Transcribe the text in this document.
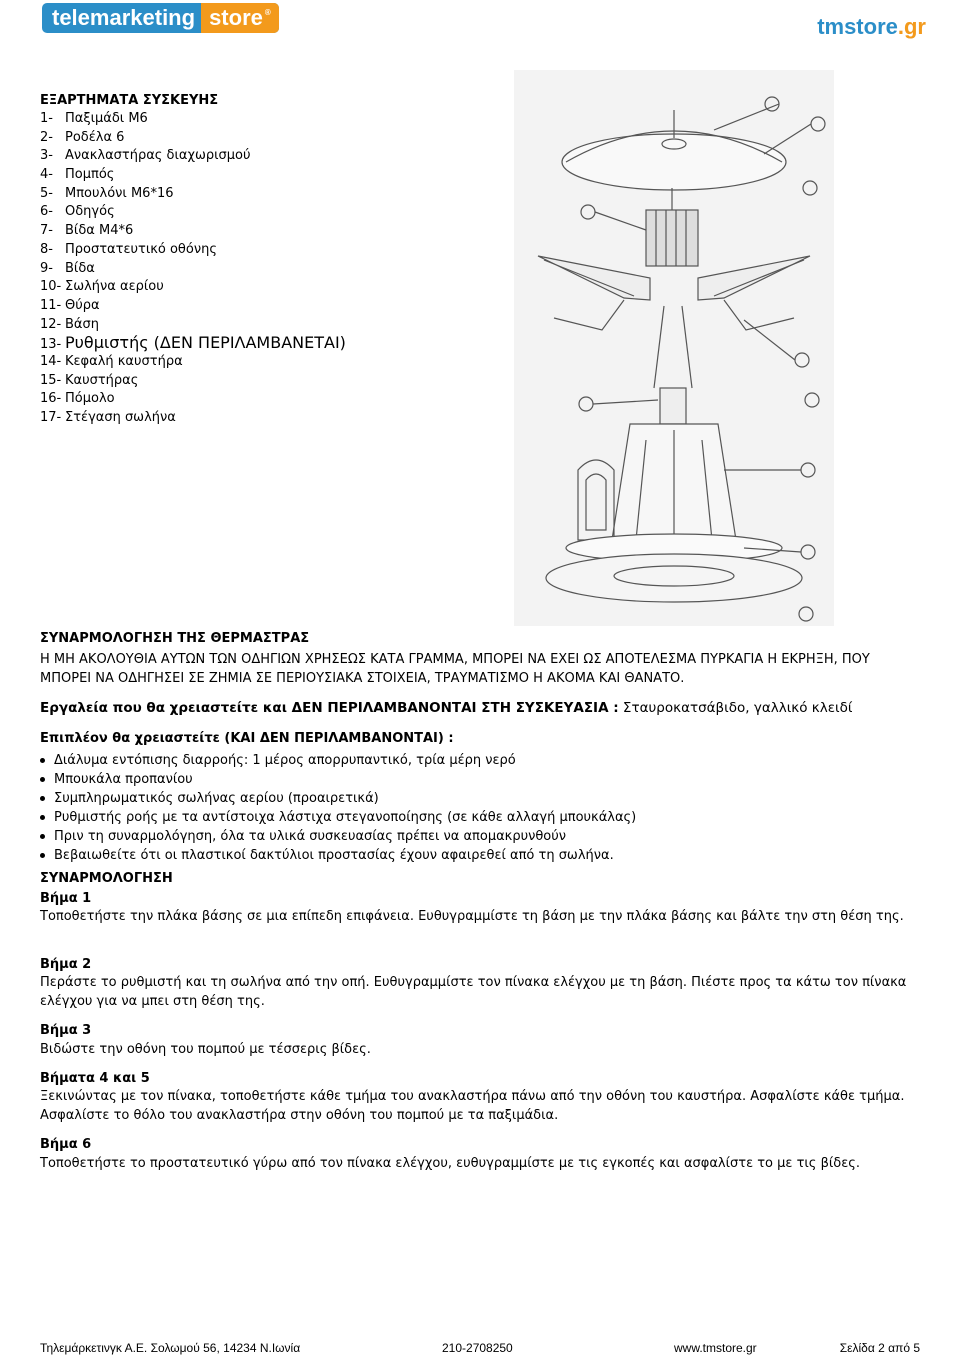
telemarketing store ®
tmstore.gr
ΕΞΑΡΤΗΜΑΤΑ ΣΥΣΚΕΥΗΣ
1- Παξιμάδι Μ6
2- Ροδέλα 6
3- Ανακλαστήρας διαχωρισμού
4- Πομπός
5- Μπουλόνι Μ6*16
6- Οδηγός
7- Βίδα Μ4*6
8- Προστατευτικό οθόνης
9- Βίδα
10- Σωλήνα αερίου
11- Θύρα
12- Βάση
13- Ρυθμιστής (ΔΕΝ ΠΕΡΙΛΑΜΒΑΝΕΤΑΙ)
14- Κεφαλή καυστήρα
15- Καυστήρας
16- Πόμολο
17- Στέγαση σωλήνα
ΣΥΝΑΡΜΟΛΟΓΗΣΗ ΤΗΣ ΘΕΡΜΑΣΤΡΑΣ

Η ΜΗ ΑΚΟΛΟΥΘΙΑ ΑΥΤΩΝ ΤΩΝ ΟΔΗΓΙΩΝ ΧΡΗΣΕΩΣ ΚΑΤΑ ΓΡΑΜΜΑ, ΜΠΟΡΕΙ ΝΑ ΕΧΕΙ ΩΣ ΑΠΟΤΕΛΕΣΜΑ ΠΥΡΚΑΓΙΑ Η ΕΚΡΗΞΗ, ΠΟΥ ΜΠΟΡΕΙ ΝΑ ΟΔΗΓΗΣΕΙ ΣΕ ΖΗΜΙΑ ΣΕ ΠΕΡΙΟΥΣΙΑΚΑ ΣΤΟΙΧΕΙΑ, ΤΡΑΥΜΑΤΙΣΜΟ Η ΑΚΟΜΑ ΚΑΙ ΘΑΝΑΤΟ.

Εργαλεία που θα χρειαστείτε και ΔΕΝ ΠΕΡΙΛΑΜΒΑΝΟΝΤΑΙ ΣΤΗ ΣΥΣΚΕΥΑΣΙΑ : Σταυροκατσάβιδο, γαλλικό κλειδί

Επιπλέον θα χρειαστείτε (ΚΑΙ ΔΕΝ ΠΕΡΙΛΑΜΒΑΝΟΝΤΑΙ) :
Διάλυμα εντόπισης διαρροής: 1 μέρος απορρυπαντικό, τρία μέρη νερό
Μπουκάλα προπανίου
Συμπληρωματικός σωλήνας αερίου (προαιρετικά)
Ρυθμιστής ροής με τα αντίστοιχα λάστιχα στεγανοποίησης (σε κάθε αλλαγή μπουκάλας)
Πριν τη συναρμολόγηση, όλα τα υλικά συσκευασίας πρέπει να απομακρυνθούν
Βεβαιωθείτε ότι οι πλαστικοί δακτύλιοι προστασίας έχουν αφαιρεθεί από τη σωλήνα.
ΣΥΝΑΡΜΟΛΟΓΗΣΗ
Βήμα 1

Τοποθετήστε την πλάκα βάσης σε μια επίπεδη επιφάνεια. Ευθυγραμμίστε τη βάση με την πλάκα βάσης και βάλτε την στη θέση της.

Βήμα 2

Περάστε το ρυθμιστή και τη σωλήνα από την οπή. Ευθυγραμμίστε τον πίνακα ελέγχου με τη βάση. Πιέστε προς τα κάτω τον πίνακα ελέγχου για να μπει στη θέση της.

Βήμα 3

Βιδώστε την οθόνη του πομπού με τέσσερις βίδες.

Βήματα 4 και 5

Ξεκινώντας με τον πίνακα, τοποθετήστε κάθε τμήμα του ανακλαστήρα πάνω από την οθόνη του καυστήρα. Ασφαλίστε κάθε τμήμα. Ασφαλίστε το θόλο του ανακλαστήρα στην οθόνη του πομπού με τα παξιμάδια.

Βήμα 6

Τοποθετήστε το προστατευτικό γύρω από τον πίνακα ελέγχου, ευθυγραμμίστε με τις εγκοπές και ασφαλίστε το με τις βίδες.

Τηλεμάρκετινγκ Α.Ε. Σολωμού 56, 14234 Ν.Ιωνία	210-2708250	www.tmstore.gr	Σελίδα 2 από 5
